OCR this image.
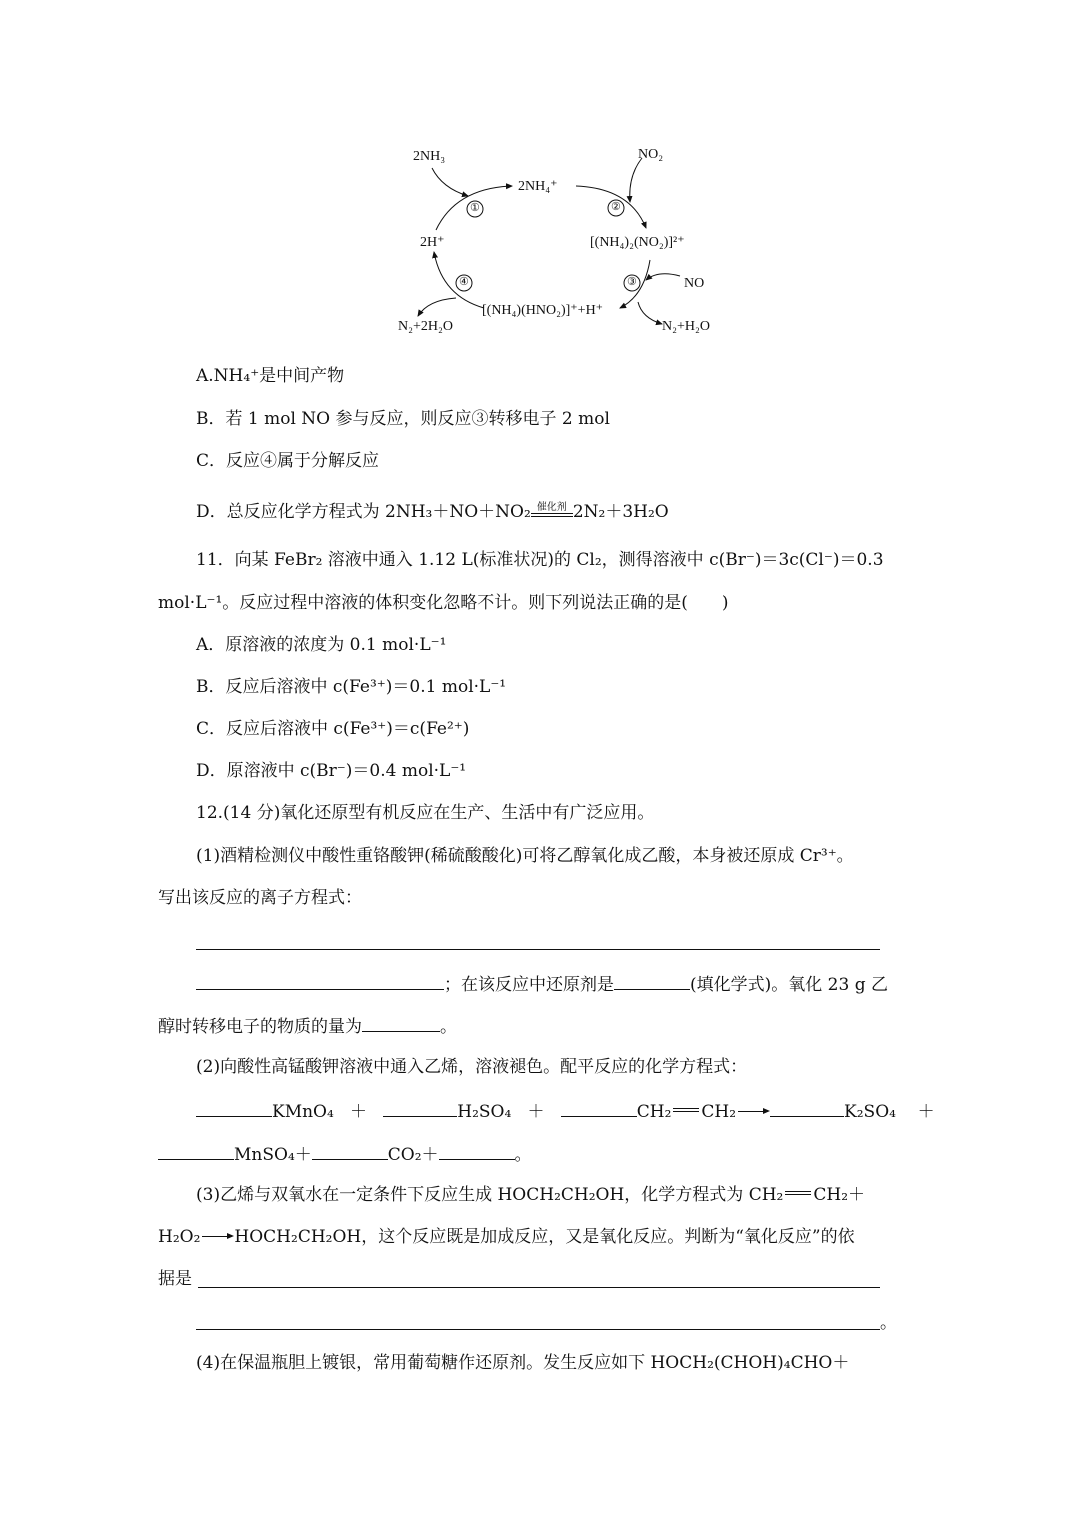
2NH₃
2NH₄⁺
NO₂
2H⁺	[(NH₄)₂(NO₂)]²⁺
NO
[(NH₄)(HNO₂)]⁺+H⁺
N₂+2H₂O	N₂+H₂O
①	②
③
④
A.NH₄⁺是中间产物
B．若 1 mol NO 参与反应，则反应③转移电子 2 mol
C．反应④属于分解反应
D．总反应化学方程式为 2NH₃＋NO＋NO₂ 催化剂 2N₂＋3H₂O
11．向某 FeBr₂ 溶液中通入 1.12 L(标准状况)的 Cl₂，测得溶液中 c(Br⁻)＝3c(Cl⁻)＝0.3
mol·L⁻¹。反应过程中溶液的体积变化忽略不计。则下列说法正确的是(　　)
A．原溶液的浓度为 0.1 mol·L⁻¹
B．反应后溶液中 c(Fe³⁺)＝0.1 mol·L⁻¹
C．反应后溶液中 c(Fe³⁺)＝c(Fe²⁺)
D．原溶液中 c(Br⁻)＝0.4 mol·L⁻¹
12.(14 分)氧化还原型有机反应在生产、生活中有广泛应用。
(1)酒精检测仪中酸性重铬酸钾(稀硫酸酸化)可将乙醇氧化成乙酸，本身被还原成 Cr³⁺。
写出该反应的离子方程式：
；在该反应中还原剂是	(填化学式)。氧化 23 g 乙
醇时转移电子的物质的量为	。
(2)向酸性高锰酸钾溶液中通入乙烯，溶液褪色。配平反应的化学方程式：
KMnO₄ ＋	H₂SO₄ ＋	CH₂ CH₂ →	K₂SO₄ ＋
MnSO₄＋	CO₂＋	。
(3)乙烯与双氧水在一定条件下反应生成 HOCH₂CH₂OH，化学方程式为 CH₂ CH₂＋
H₂O₂ → HOCH₂CH₂OH，这个反应既是加成反应，又是氧化反应。判断为“氧化反应”的依
据是
。
(4)在保温瓶胆上镀银，常用葡萄糖作还原剂。发生反应如下 HOCH₂(CHOH)₄CHO＋
